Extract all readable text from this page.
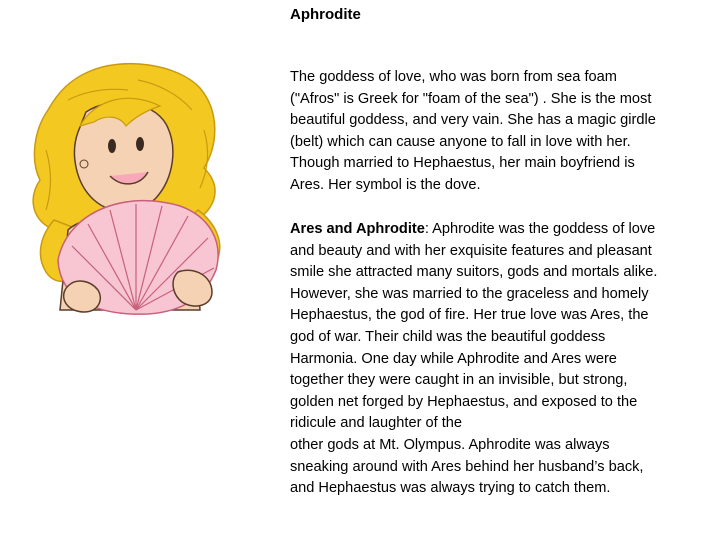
Aphrodite
The goddess of love, who was born from sea foam
("Afros" is Greek for "foam of the sea") . She is the most
beautiful goddess, and very vain. She has a magic girdle
(belt) which can cause anyone to fall in love with her.
Though married to Hephaestus, her main boyfriend is
Ares. Her symbol is the dove.
Ares and Aphrodite: Aphrodite was the goddess of love
and beauty and with her exquisite features and pleasant
smile she attracted many suitors, gods and mortals alike.
However, she was married to the graceless and homely
Hephaestus, the god of fire. Her true love was Ares, the
god of war. Their child was the beautiful goddess
Harmonia. One day while Aphrodite and Ares were
together they were caught in an invisible, but strong,
golden net forged by Hephaestus, and exposed to the
ridicule and laughter of the
other gods at Mt. Olympus. Aphrodite was always
sneaking around with Ares behind her husband’s back,
and Hephaestus was always trying to catch them.
